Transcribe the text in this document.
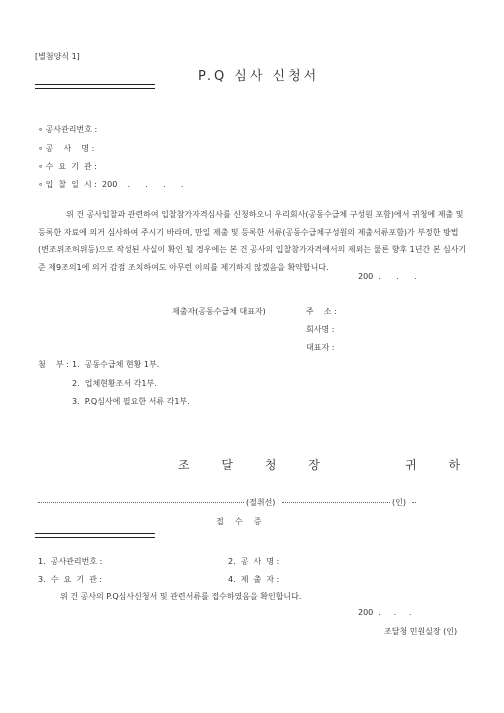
[별첨양식 1]
P.Q 심사 신청서
∘ 공사관리번호 :
∘ 공    사    명 :
∘ 수  요  기  관 :
∘ 입  찰  일  시 :  200    .      .      .      .
위 건 공사입찰과 관련하여 입찰참가자격심사를 신청하오니 우리회사(공동수급체 구성원 포함)에서 귀청에 제출 및 등록한 자료에 의거 심사하여 주시기 바라며, 만일 제출 및 등록한 서류(공동수급체구성원의 제출서류포함)가 부정한 방법(변조위조허위등)으로 작성된 사실이 확인 될 경우에는 본 건 공사의 입찰참가자격에서의 제외는 물론 향후 1년간 본 심사기준 제9조의1에 의거 감점 조치하여도 아무런 이의를 제기하지 않겠음을 확약합니다.
200  .      .      .
제출자(공동수급체 대표자)	주    소 :
회사명 :
대표자 :
첨    부 : 1.  공동수급체 현황 1부.
2.  업체현황조서 각1부.
3.  P.Q심사에 필요한 서류 각1부.
조 달 청 장    귀 하
(절취선)	(인)
접  수  증
1.  공사관리번호 :	2.  공  사  명 :
3.  수  요  기  관 :	4.  제  출  자 :
위 건 공사의 P.Q심사신청서 및 관련서류를 접수하였음을 확인합니다.
200  .     .     .
조달청 민원실장 (인)
